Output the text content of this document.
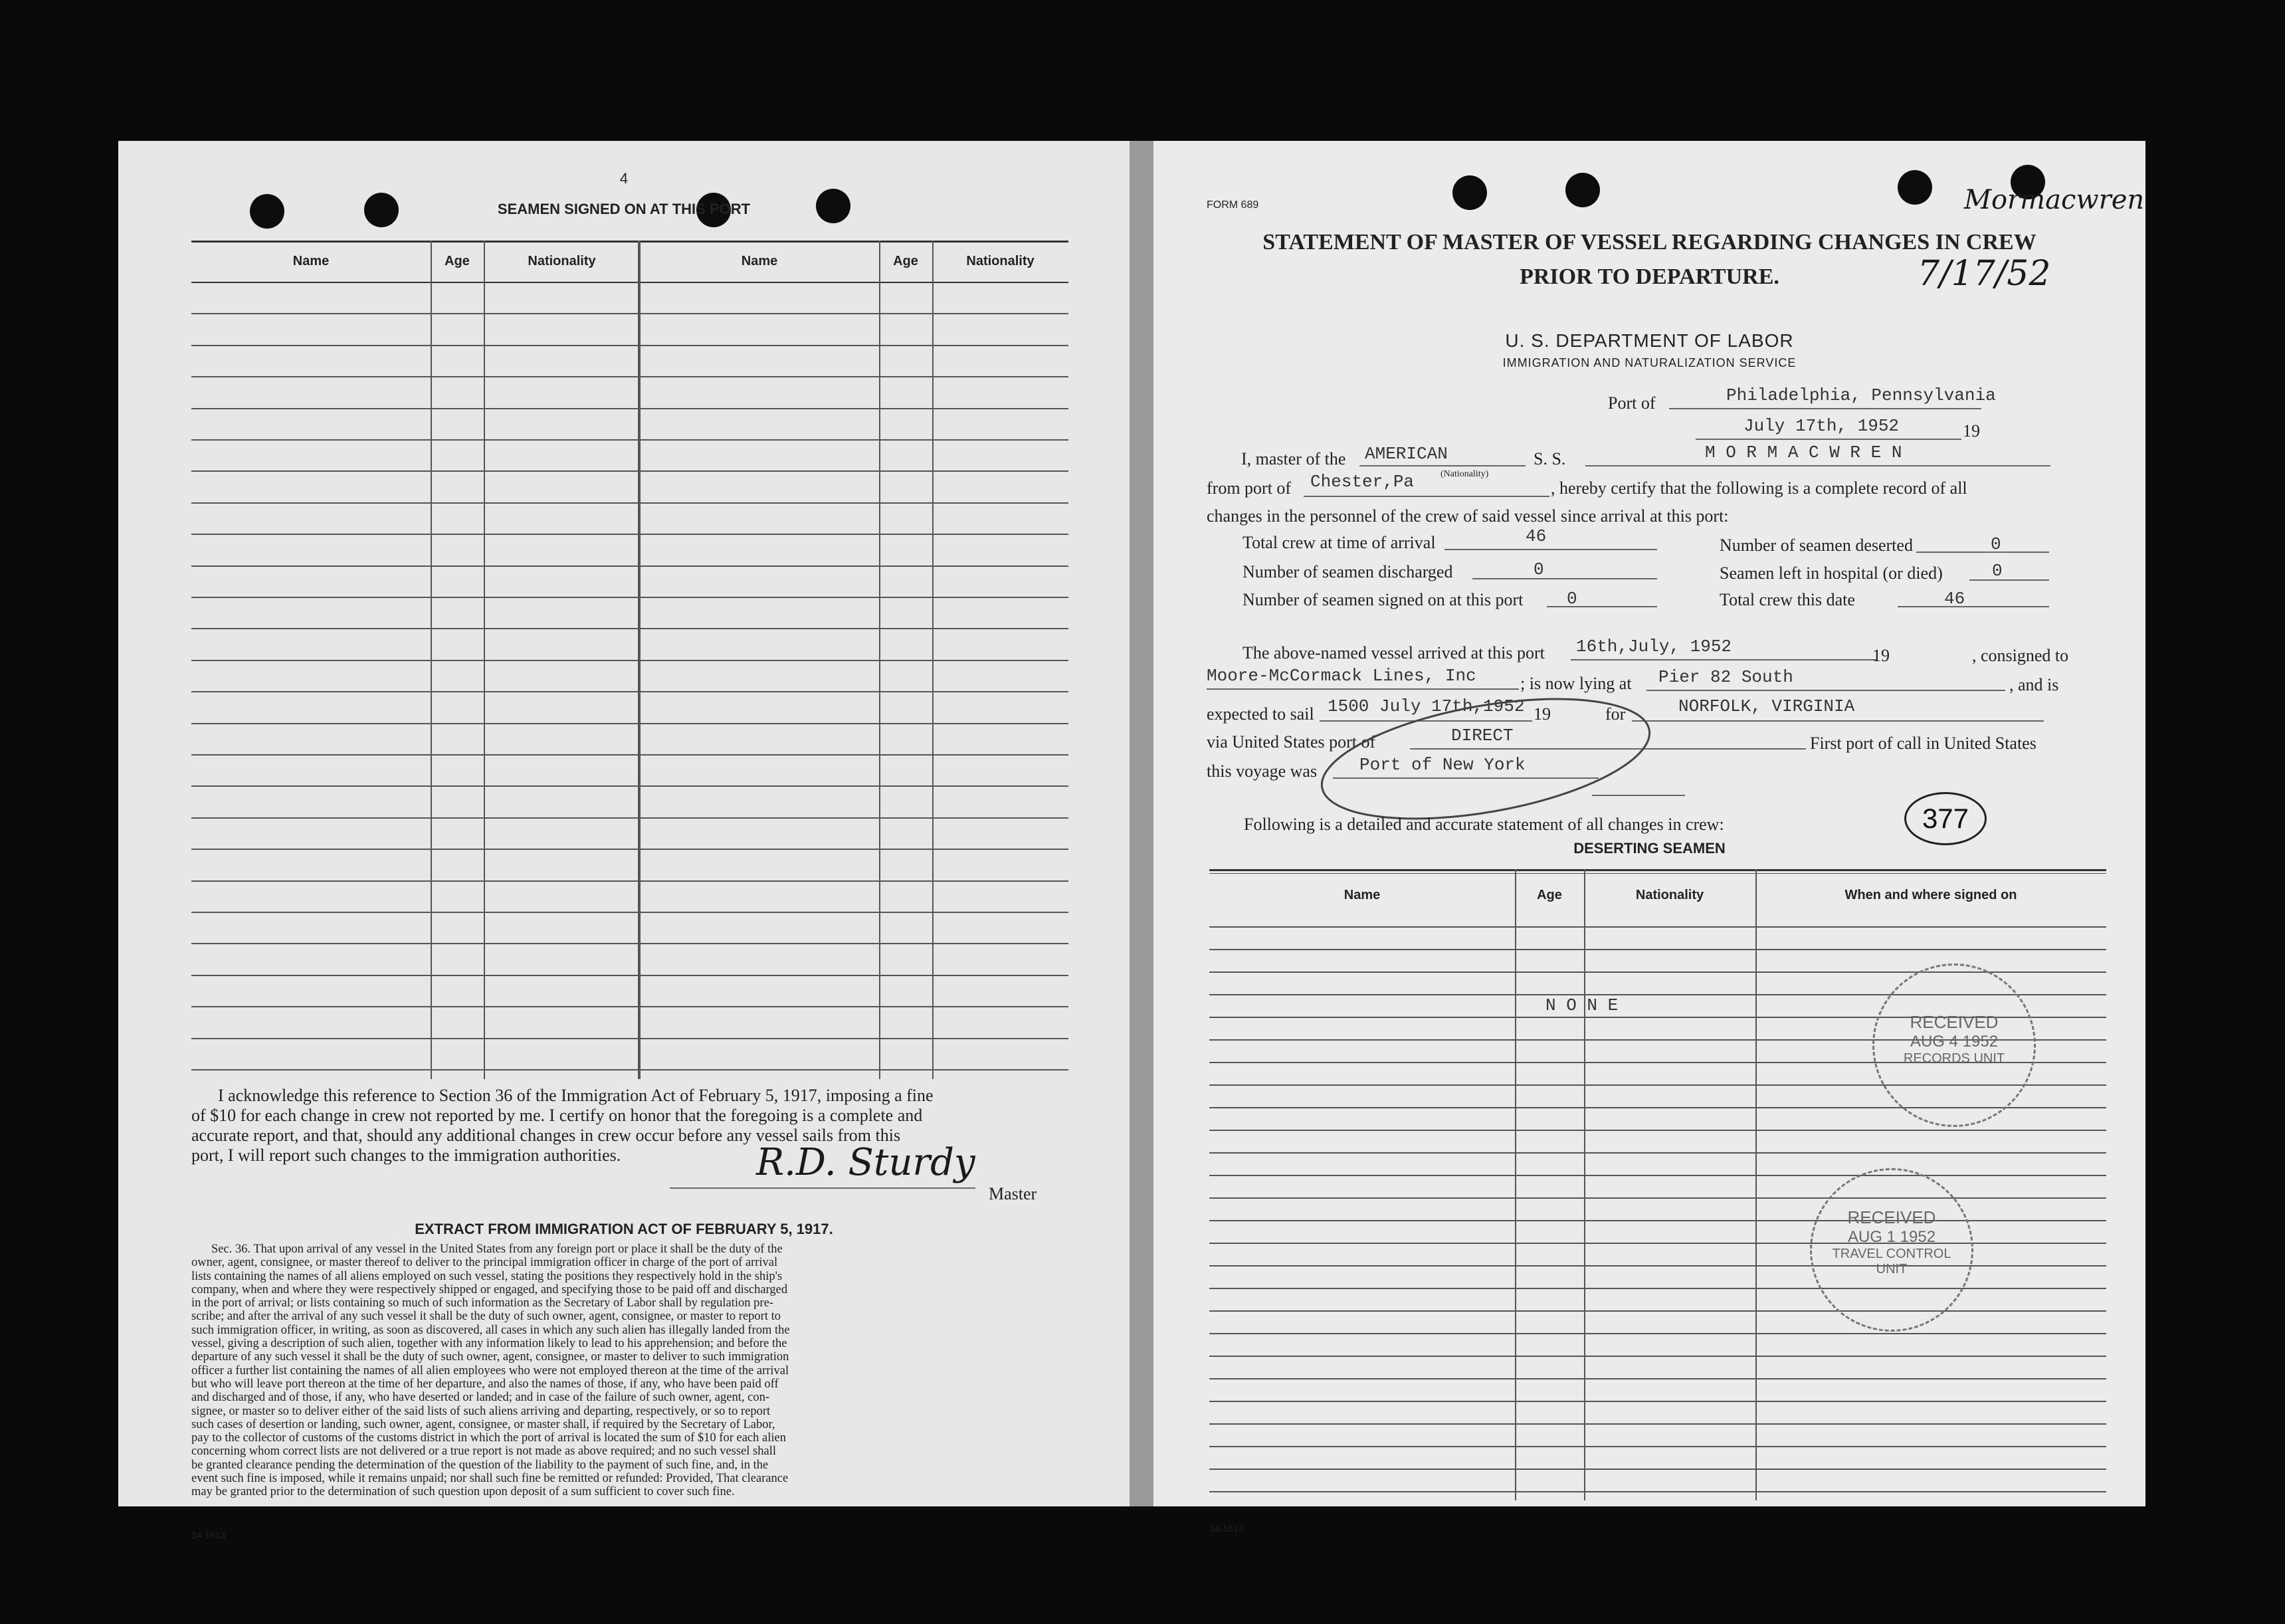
4
SEAMEN SIGNED ON AT THIS PORT
Name	Age	Nationality	Name	Age	Nationality
I acknowledge this reference to Section 36 of the Immigration Act of February 5, 1917, imposing a fine
of $10 for each change in crew not reported by me. I certify on honor that the foregoing is a complete and
accurate report, and that, should any additional changes in crew occur before any vessel sails from this
port, I will report such changes to the immigration authorities.	R.D. Sturdy
Master
EXTRACT FROM IMMIGRATION ACT OF FEBRUARY 5, 1917.
Sec. 36. That upon arrival of any vessel in the United States from any foreign port or place it shall be the duty of the
owner, agent, consignee, or master thereof to deliver to the principal immigration officer in charge of the port of arrival
lists containing the names of all aliens employed on such vessel, stating the positions they respectively hold in the ship's
company, when and where they were respectively shipped or engaged, and specifying those to be paid off and discharged
in the port of arrival; or lists containing so much of such information as the Secretary of Labor shall by regulation pre-
scribe; and after the arrival of any such vessel it shall be the duty of such owner, agent, consignee, or master to report to
such immigration officer, in writing, as soon as discovered, all cases in which any such alien has illegally landed from the
vessel, giving a description of such alien, together with any information likely to lead to his apprehension; and before the
departure of any such vessel it shall be the duty of such owner, agent, consignee, or master to deliver to such immigration
officer a further list containing the names of all alien employees who were not employed thereon at the time of the arrival
but who will leave port thereon at the time of her departure, and also the names of those, if any, who have been paid off
and discharged and of those, if any, who have deserted or landed; and in case of the failure of such owner, agent, con-
signee, or master so to deliver either of the said lists of such aliens arriving and departing, respectively, or so to report
such cases of desertion or landing, such owner, agent, consignee, or master shall, if required by the Secretary of Labor,
pay to the collector of customs of the customs district in which the port of arrival is located the sum of $10 for each alien
concerning whom correct lists are not delivered or a true report is not made as above required; and no such vessel shall
be granted clearance pending the determination of the question of the liability to the payment of such fine, and, in the
event such fine is imposed, while it remains unpaid; nor shall such fine be remitted or refunded: Provided, That clearance
may be granted prior to the determination of such question upon deposit of a sum sufficient to cover such fine.
14-1613
FORM 689	Mormacwren
7/17/52
STATEMENT OF MASTER OF VESSEL REGARDING CHANGES IN CREW
PRIOR TO DEPARTURE.
U. S. DEPARTMENT OF LABOR
IMMIGRATION AND NATURALIZATION SERVICE
Port of	Philadelphia, Pennsylvania
July 17th, 1952	19
I, master of the AMERICAN	S. S.	M O R M A C W R E N
from port of Chester,Pa	(Nationality)
, hereby certify that the following is a complete record of all
changes in the personnel of the crew of said vessel since arrival at this port:
Total crew at time of arrival	46	Number of seamen deserted	0
Number of seamen discharged	0	Seamen left in hospital (or died)	0
Number of seamen signed on at this port	0	Total crew this date	46
The above-named vessel arrived at this port 16th,July, 1952	19	, consigned to
Moore-McCormack Lines, Inc	; is now lying at Pier 82 South	, and is
expected to sail 1500 July 17th,1952 19	for	NORFOLK, VIRGINIA
via United States port of	DIRECT	First port of call in United States
this voyage was Port of New York
377
Following is a detailed and accurate statement of all changes in crew:
DESERTING SEAMEN
Name	Age	Nationality	When and where signed on
N O N E
RECEIVED
AUG 4 1952
RECORDS UNIT
RECEIVED
AUG 1 1952
TRAVEL CONTROL
UNIT
14-1613
